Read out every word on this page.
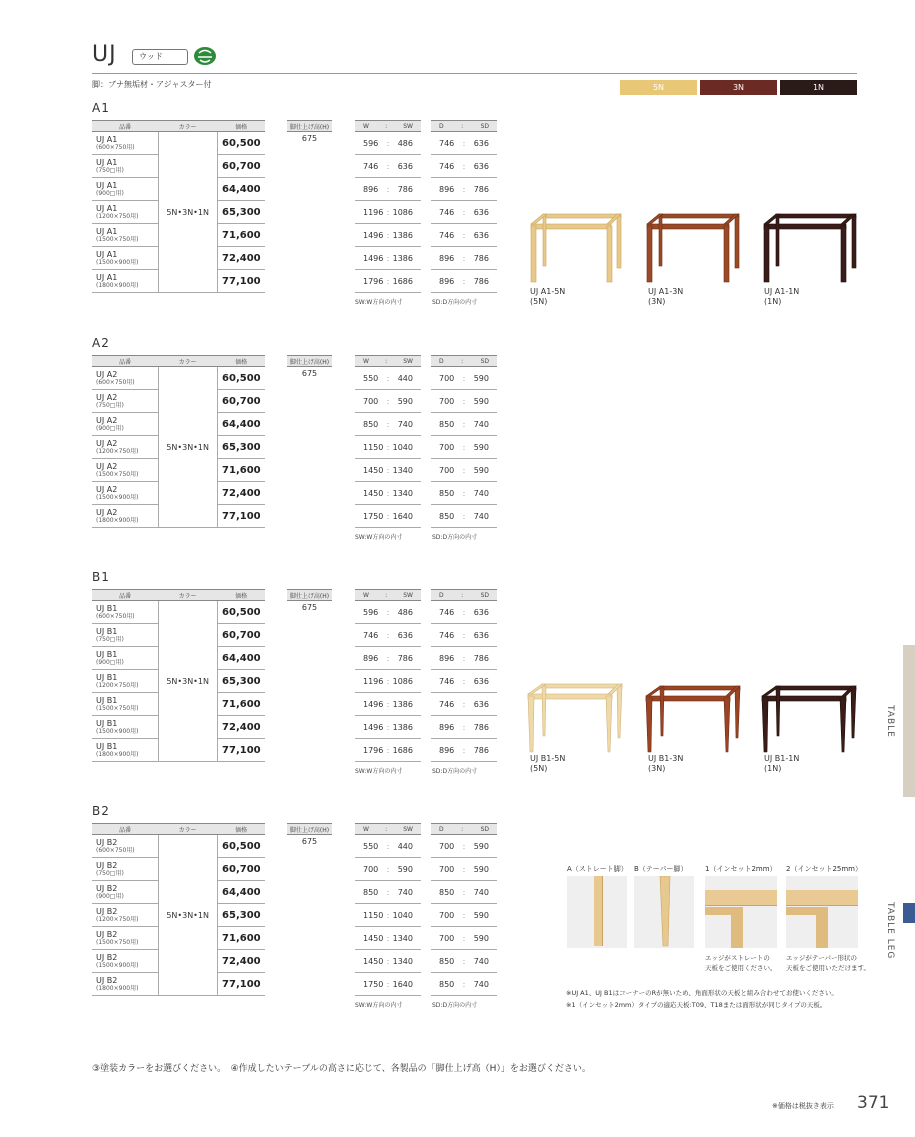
UJ	ウッド
脚：ブナ無垢材・アジャスター付	5N	3N	1N
A1
品番	カラー	価格
UJ A1
(600×750用)	5N•3N•1N	60,500
UJ A1
(750□用)		60,700
UJ A1
(900□用)		64,400
UJ A1
(1200×750用)		65,300
UJ A1
(1500×750用)		71,600
UJ A1
(1500×900用)		72,400
UJ A1
(1800×900用)		77,100
脚仕上げ高(H)
675
W : SW		D : SD

596 : 486		746 : 636

746 : 636		746 : 636

896 : 786		896 : 786

1196 : 1086		746 : 636

1496 : 1386		746 : 636

1496 : 1386		896 : 786

1796 : 1686		896 : 786
SW:W方向の内寸	SD:D方向の内寸
A2
品番	カラー	価格
UJ A2
(600×750用)	5N•3N•1N	60,500
UJ A2
(750□用)		60,700
UJ A2
(900□用)		64,400
UJ A2
(1200×750用)		65,300
UJ A2
(1500×750用)		71,600
UJ A2
(1500×900用)		72,400
UJ A2
(1800×900用)		77,100
脚仕上げ高(H)
675
W : SW		D : SD

550 : 440		700 : 590

700 : 590		700 : 590

850 : 740		850 : 740

1150 : 1040		700 : 590

1450 : 1340		700 : 590

1450 : 1340		850 : 740

1750 : 1640		850 : 740
SW:W方向の内寸	SD:D方向の内寸
B1
品番	カラー	価格
UJ B1
(600×750用)	5N•3N•1N	60,500
UJ B1
(750□用)		60,700
UJ B1
(900□用)		64,400
UJ B1
(1200×750用)		65,300
UJ B1
(1500×750用)		71,600
UJ B1
(1500×900用)		72,400
UJ B1
(1800×900用)		77,100
脚仕上げ高(H)
675
W : SW		D : SD

596 : 486		746 : 636

746 : 636		746 : 636

896 : 786		896 : 786

1196 : 1086		746 : 636

1496 : 1386		746 : 636

1496 : 1386		896 : 786

1796 : 1686		896 : 786
SW:W方向の内寸	SD:D方向の内寸
B2
品番	カラー	価格
UJ B2
(600×750用)	5N•3N•1N	60,500
UJ B2
(750□用)		60,700
UJ B2
(900□用)		64,400
UJ B2
(1200×750用)		65,300
UJ B2
(1500×750用)		71,600
UJ B2
(1500×900用)		72,400
UJ B2
(1800×900用)		77,100
脚仕上げ高(H)
675
W : SW		D : SD

550 : 440		700 : 590

700 : 590		700 : 590

850 : 740		850 : 740

1150 : 1040		700 : 590

1450 : 1340		700 : 590

1450 : 1340		850 : 740

1750 : 1640		850 : 740
SW:W方向の内寸	SD:D方向の内寸
UJ A1-5N
(5N)
UJ A1-3N
(3N)
UJ A1-1N
(1N)
UJ B1-5N
(5N)
UJ B1-3N
(3N)
UJ B1-1N
(1N)
A（ストレート脚） B（テーパー脚）	1（インセット2mm） 2（インセット25mm）
エッジがストレートの
天板をご使用ください。
エッジがテーパー形状の
天板をご使用いただけます。
※UJ A1、UJ B1はコーナーのRが無いため、角面形状の天板と組み合わせてお使いください。
※1（インセット2mm）タイプの適応天板:T09、T18または面形状が同じタイプの天板。
TABLE
TABLE LEG
③塗装カラーをお選びください。　④作成したいテーブルの高さに応じて、各製品の「脚仕上げ高（H）」をお選びください。
※価格は税抜き表示 371
